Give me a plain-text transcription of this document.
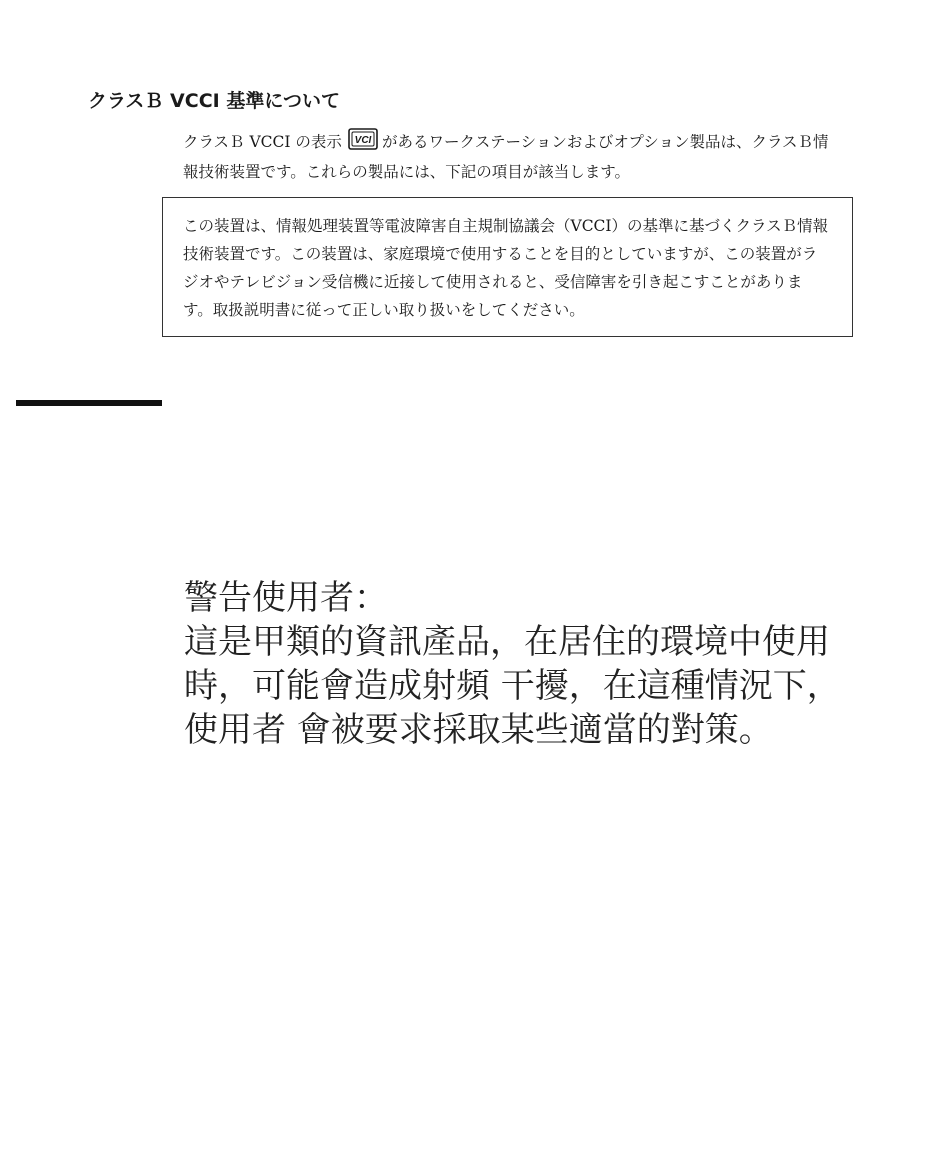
クラスＢ VCCI 基準について

クラスＢ VCCI の表示 VCI があるワークステーションおよびオプション製品は、クラスＢ情報技術装置です。これらの製品には、下記の項目が該当します。

この装置は、情報処理装置等電波障害自主規制協議会（VCCI）の基準に基づくクラスＢ情報技術装置です。この装置は、家庭環境で使用することを目的としていますが、この装置がラジオやテレビジョン受信機に近接して使用されると、受信障害を引き起こすことがあります。取扱説明書に従って正しい取り扱いをしてください。
警告使用者：
這是甲類的資訊產品，在居住的環境中使用
時，可能會造成射頻 干擾，在這種情況下，
使用者 會被要求採取某些適當的對策。
